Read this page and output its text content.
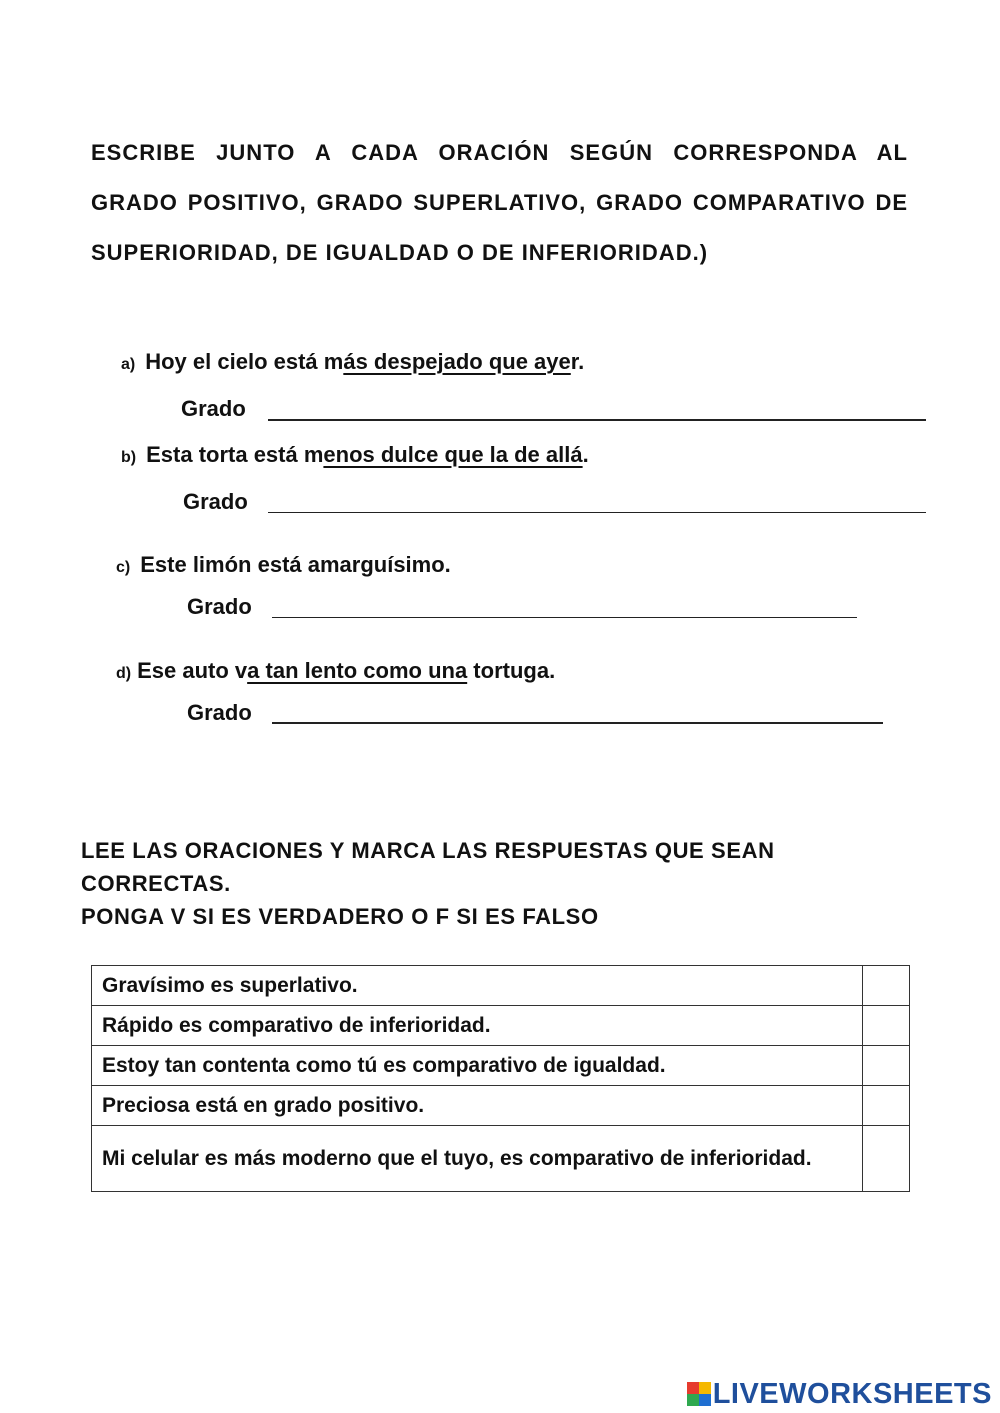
ESCRIBE JUNTO A CADA ORACIÓN SEGÚN CORRESPONDA AL GRADO POSITIVO, GRADO SUPERLATIVO, GRADO COMPARATIVO DE SUPERIORIDAD, DE IGUALDAD O DE INFERIORIDAD.)
a) Hoy el cielo está más despejado que ayer.
Grado
b) Esta torta está menos dulce que la de allá.
Grado
c) Este limón está amarguísimo.
Grado
d) Ese auto va tan lento como una tortuga.
Grado
LEE LAS ORACIONES Y MARCA LAS RESPUESTAS QUE SEAN
CORRECTAS.
PONGA V SI ES VERDADERO O F SI ES FALSO
Gravísimo es superlativo.	
Rápido es comparativo de inferioridad.	
Estoy tan contenta como tú es comparativo de igualdad.	
Preciosa está en grado positivo.	
Mi celular es más moderno que el tuyo, es comparativo de inferioridad.	
LIVEWORKSHEETS
